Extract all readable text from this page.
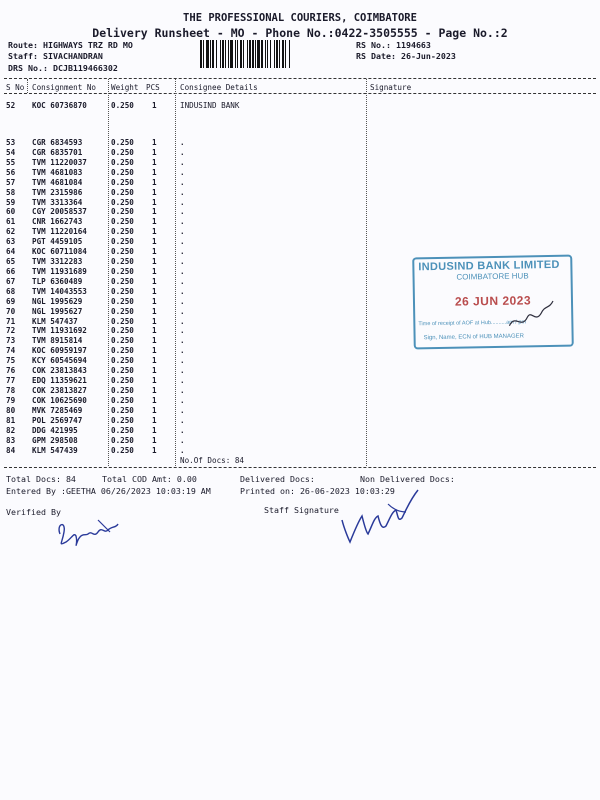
THE PROFESSIONAL COURIERS, COIMBATORE
Delivery Runsheet - MO - Phone No.:0422-3505555 - Page No.:2
Route: HIGHWAYS TRZ RD MO
Staff: SIVACHANDRAN
DRS No.: DCJB119466302
RS No.: 1194663
RS Date: 26-Jun-2023
S No Consignment No Weight PCS	Consignee Details	Signature
52 KOC 60736870	0.250 1	INDUSIND BANK
53 CGR 6834593	0.250 1	.
54 CGR 6835701	0.250 1	.
55 TVM 11220037	0.250 1	.
56 TVM 4681083	0.250 1	.
57 TVM 4681084	0.250 1	.
58 TVM 2315986	0.250 1	.
59 TVM 3313364	0.250 1	.
60 CGY 20058537	0.250 1	.
61 CNR 1662743	0.250 1	.
62 TVM 11220164	0.250 1	.
63 PGT 4459105	0.250 1	.
64 KOC 60711084	0.250 1	.
65 TVM 3312283	0.250 1	.
66 TVM 11931689	0.250 1	.
67 TLP 6360489	0.250 1	.
68 TVM 14043553	0.250 1	.
69 NGL 1995629	0.250 1	.
70 NGL 1995627	0.250 1	.
71 KLM 547437	0.250 1	.
72 TVM 11931692	0.250 1	.
73 TVM 8915814	0.250 1	.
74 KOC 60959197	0.250 1	.
75 KCY 60545694	0.250 1	.
76 COK 23813843	0.250 1	.
77 EDQ 11359621	0.250 1	.
78 COK 23813827	0.250 1	.
79 COK 10625690	0.250 1	.
80 MVK 7285469	0.250 1	.
81 POL 2569747	0.250 1	.
82 DDG 421995	0.250 1	.
83 GPM 298508	0.250 1	.
84 KLM 547439	0.250 1	.
No.Of Docs: 84
Total Docs: 84	Total COD Amt: 0.00	Delivered Docs:	Non Delivered Docs:
Entered By :GEETHA 06/26/2023 10:03:19 AM	Printed on: 26-06-2023 10:03:29
Verified By	Staff Signature
INDUSIND BANK LIMITED
COIMBATORE HUB
26 JUN 2023
Time of receipt of AOF at Hub..........am / pm
Sign, Name, ECN of HUB MANAGER
